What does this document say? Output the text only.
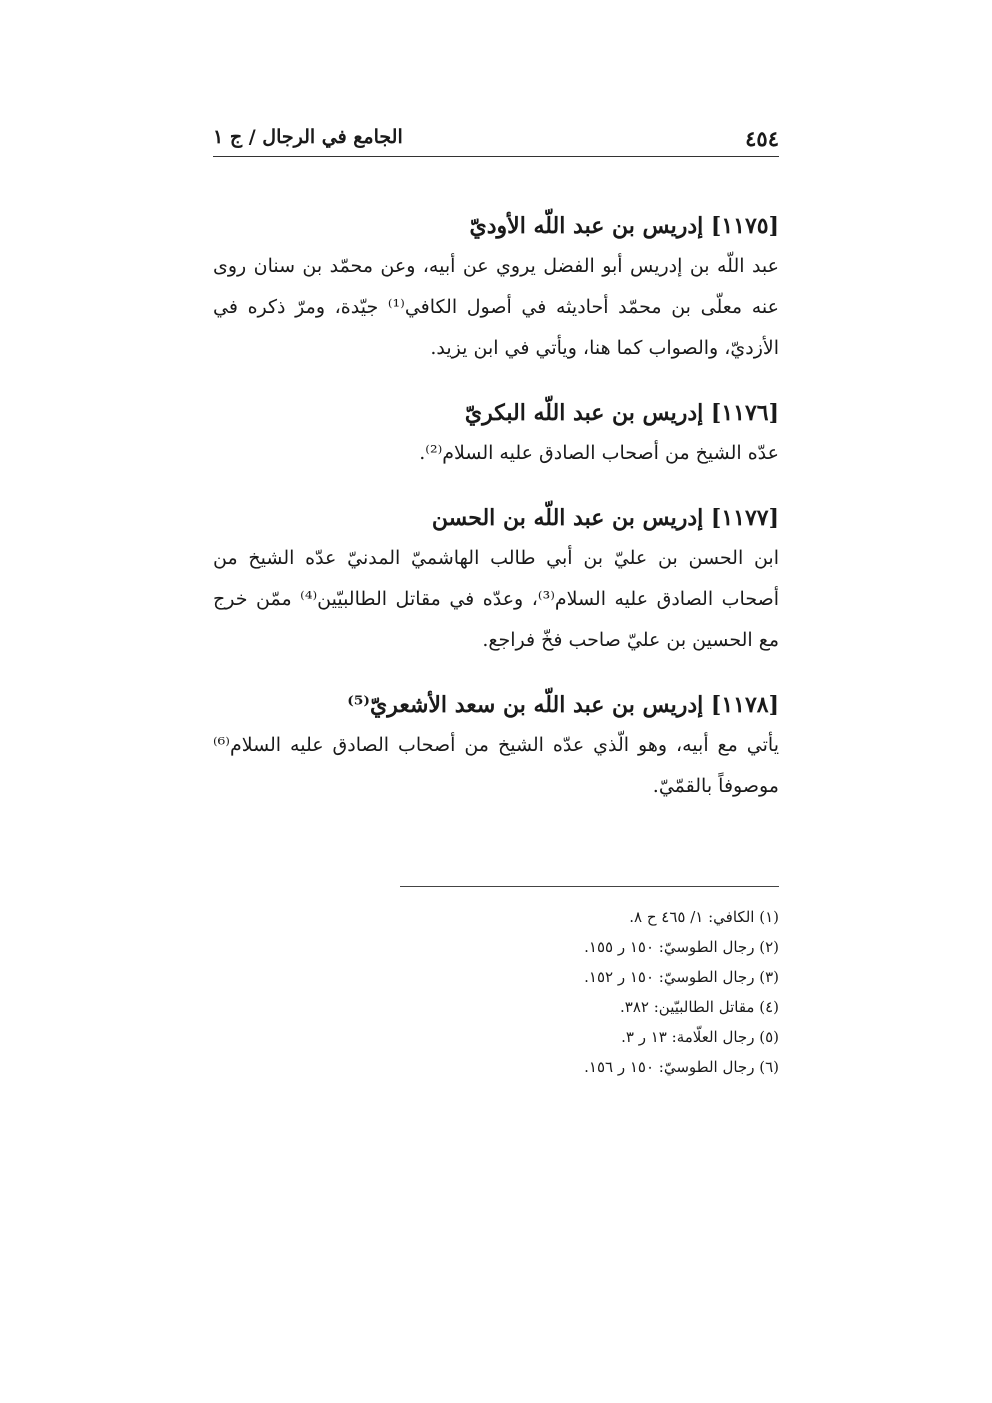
٤٥٤
الجامع في الرجال / ج ١

[١١٧٥] إدريس بن عبد اللّه الأوديّ

عبد اللّه بن إدريس أبو الفضل يروي عن أبيه، وعن محمّد بن سنان روى عنه معلّى بن محمّد أحاديثه في أصول الكافي⁽¹⁾ جيّدة، ومرّ ذكره في الأزديّ، والصواب كما هنا، ويأتي في ابن يزيد.

[١١٧٦] إدريس بن عبد اللّه البكريّ

عدّه الشيخ من أصحاب الصادق عليه السلام⁽²⁾.

[١١٧٧] إدريس بن عبد اللّه بن الحسن

ابن الحسن بن عليّ بن أبي طالب الهاشميّ المدنيّ عدّه الشيخ من أصحاب الصادق عليه السلام⁽³⁾، وعدّه في مقاتل الطالبيّين⁽⁴⁾ ممّن خرج مع الحسين بن عليّ صاحب فخّ فراجع.

[١١٧٨] إدريس بن عبد اللّه بن سعد الأشعريّ⁽⁵⁾

يأتي مع أبيه، وهو الّذي عدّه الشيخ من أصحاب الصادق عليه السلام⁽⁶⁾ موصوفاً بالقمّيّ.

(١) الكافي: ١/ ٤٦٥ ح ٨.
(٢) رجال الطوسيّ: ١٥٠ ر ١٥٥.
(٣) رجال الطوسيّ: ١٥٠ ر ١٥٢.
(٤) مقاتل الطالبيّين: ٣٨٢.
(٥) رجال العلّامة: ١٣ ر ٣.
(٦) رجال الطوسيّ: ١٥٠ ر ١٥٦.
